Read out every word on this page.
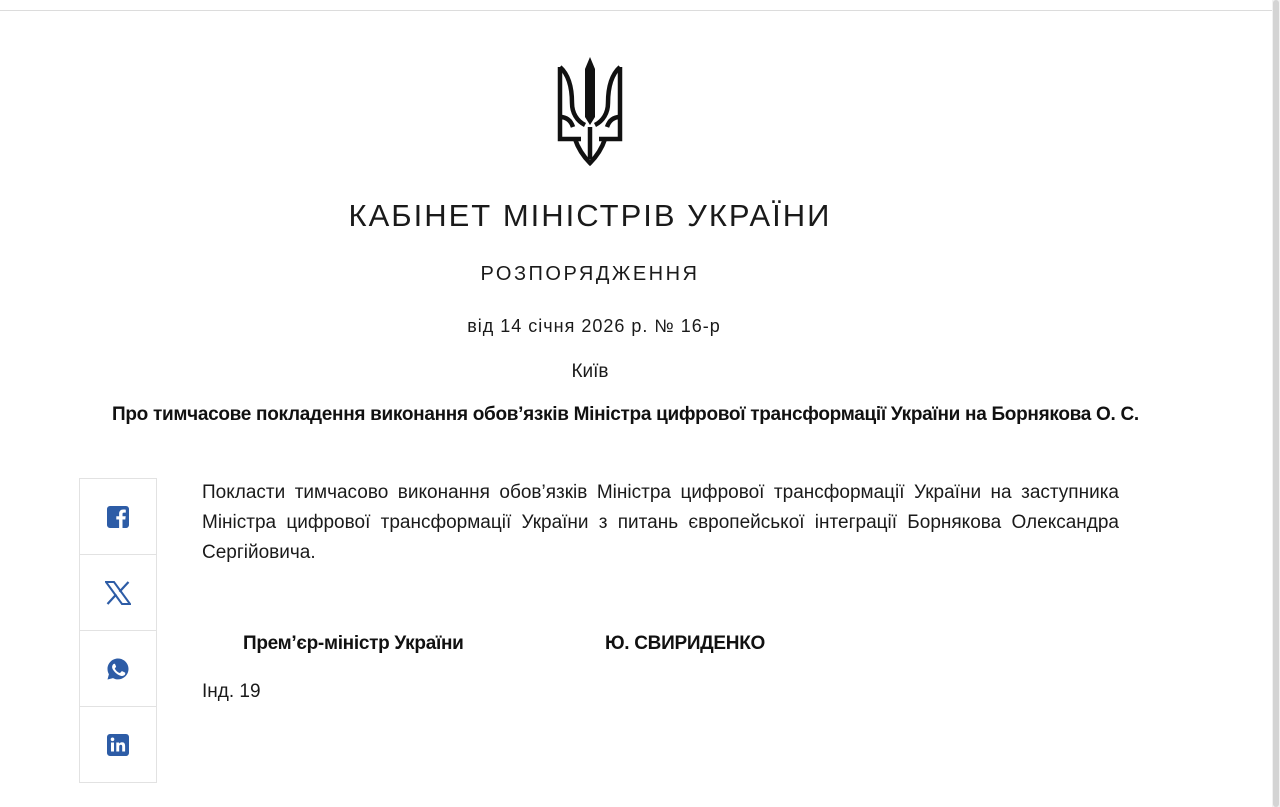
КАБІНЕТ МІНІСТРІВ УКРАЇНИ
РОЗПОРЯДЖЕННЯ
від 14 січня 2026 р. № 16-р
Київ
Про тимчасове покладення виконання обов’язків Міністра цифрової трансформації України на Борнякова О. С.
Покласти тимчасово виконання обов’язків Міністра цифрової трансформації України на заступника Міністра цифрової трансформації України з питань європейської інтеграції Борнякова Олександра Сергійовича.
Прем’єр-міністр України	Ю. СВИРИДЕНКО
Інд. 19
